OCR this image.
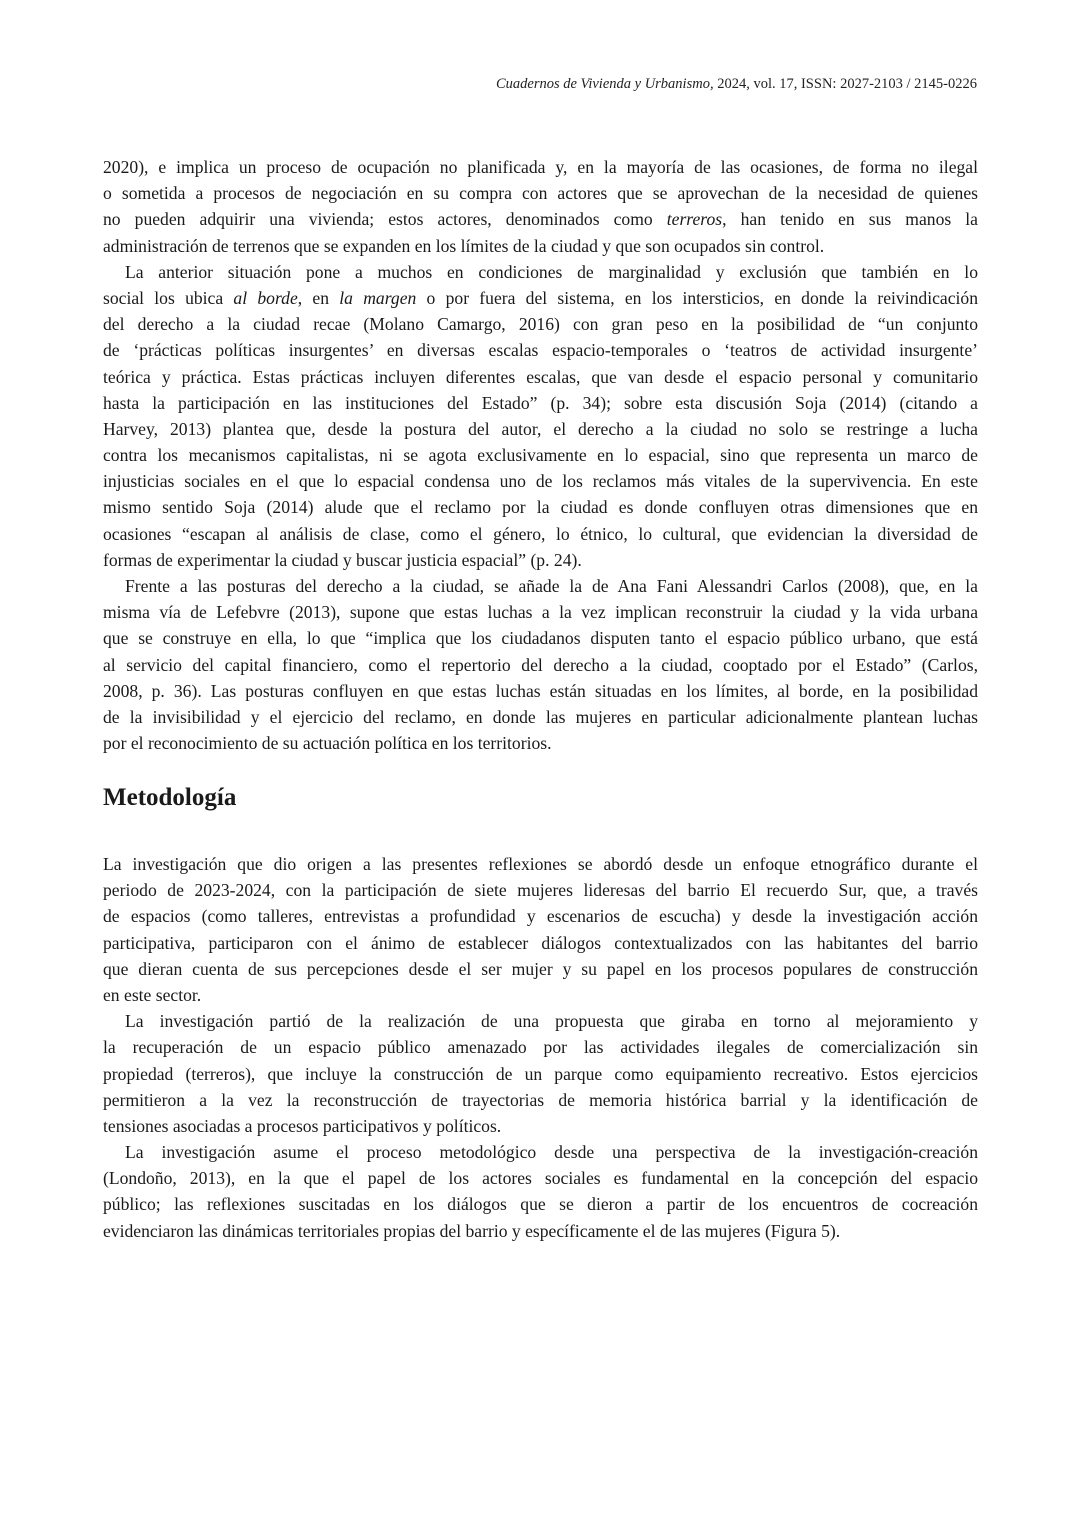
Cuadernos de Vivienda y Urbanismo, 2024, vol. 17, ISSN: 2027-2103 / 2145-0226
2020), e implica un proceso de ocupación no planificada y, en la mayoría de las ocasiones, de forma no ilegal
o sometida a procesos de negociación en su compra con actores que se aprovechan de la necesidad de quienes
no pueden adquirir una vivienda; estos actores, denominados como terreros, han tenido en sus manos la
administración de terrenos que se expanden en los límites de la ciudad y que son ocupados sin control.
La anterior situación pone a muchos en condiciones de marginalidad y exclusión que también en lo
social los ubica al borde, en la margen o por fuera del sistema, en los intersticios, en donde la reivindicación
del derecho a la ciudad recae (Molano Camargo, 2016) con gran peso en la posibilidad de “un conjunto
de ‘prácticas políticas insurgentes’ en diversas escalas espacio-temporales o ‘teatros de actividad insurgente’
teórica y práctica. Estas prácticas incluyen diferentes escalas, que van desde el espacio personal y comunitario
hasta la participación en las instituciones del Estado” (p. 34); sobre esta discusión Soja (2014) (citando a
Harvey, 2013) plantea que, desde la postura del autor, el derecho a la ciudad no solo se restringe a lucha
contra los mecanismos capitalistas, ni se agota exclusivamente en lo espacial, sino que representa un marco de
injusticias sociales en el que lo espacial condensa uno de los reclamos más vitales de la supervivencia. En este
mismo sentido Soja (2014) alude que el reclamo por la ciudad es donde confluyen otras dimensiones que en
ocasiones “escapan al análisis de clase, como el género, lo étnico, lo cultural, que evidencian la diversidad de
formas de experimentar la ciudad y buscar justicia espacial” (p. 24).
Frente a las posturas del derecho a la ciudad, se añade la de Ana Fani Alessandri Carlos (2008), que, en la
misma vía de Lefebvre (2013), supone que estas luchas a la vez implican reconstruir la ciudad y la vida urbana
que se construye en ella, lo que “implica que los ciudadanos disputen tanto el espacio público urbano, que está
al servicio del capital financiero, como el repertorio del derecho a la ciudad, cooptado por el Estado” (Carlos,
2008, p. 36). Las posturas confluyen en que estas luchas están situadas en los límites, al borde, en la posibilidad
de la invisibilidad y el ejercicio del reclamo, en donde las mujeres en particular adicionalmente plantean luchas
por el reconocimiento de su actuación política en los territorios.
Metodología
La investigación que dio origen a las presentes reflexiones se abordó desde un enfoque etnográfico durante el
periodo de 2023-2024, con la participación de siete mujeres lideresas del barrio El recuerdo Sur, que, a través
de espacios (como talleres, entrevistas a profundidad y escenarios de escucha) y desde la investigación acción
participativa, participaron con el ánimo de establecer diálogos contextualizados con las habitantes del barrio
que dieran cuenta de sus percepciones desde el ser mujer y su papel en los procesos populares de construcción
en este sector.
La investigación partió de la realización de una propuesta que giraba en torno al mejoramiento y
la recuperación de un espacio público amenazado por las actividades ilegales de comercialización sin
propiedad (terreros), que incluye la construcción de un parque como equipamiento recreativo. Estos ejercicios
permitieron a la vez la reconstrucción de trayectorias de memoria histórica barrial y la identificación de
tensiones asociadas a procesos participativos y políticos.
La investigación asume el proceso metodológico desde una perspectiva de la investigación-creación
(Londoño, 2013), en la que el papel de los actores sociales es fundamental en la concepción del espacio
público; las reflexiones suscitadas en los diálogos que se dieron a partir de los encuentros de cocreación
evidenciaron las dinámicas territoriales propias del barrio y específicamente el de las mujeres (Figura 5).
